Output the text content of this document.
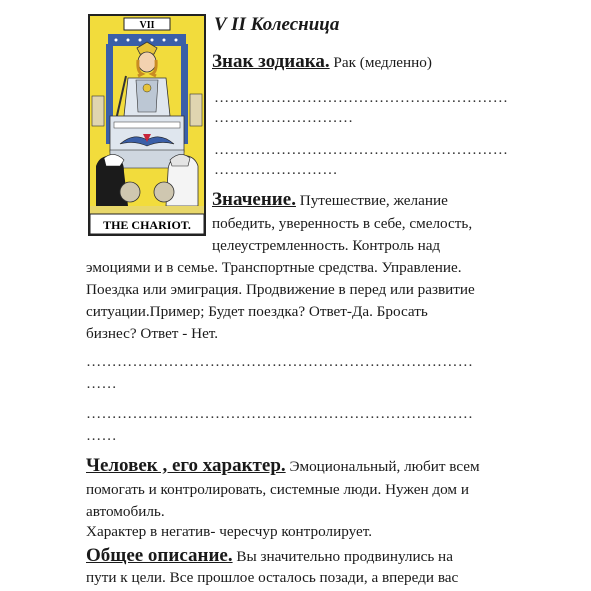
VII
THE CHARIOT.
V II Колесница
Знак зодиака. Рак (медленно)
…………………………………………………
………………………
…………………………………………………
……………………
Значение. Путешествие, желание
победить, уверенность в себе, смелость,
целеустремленность. Контроль над
эмоциями и в семье. Транспортные средства. Управление.
Поездка или эмиграция. Продвижение в перед или развитие
ситуации.Пример; Будет поездка? Ответ-Да. Бросать
бизнес? Ответ - Нет.
…………………………………………………………………
……
…………………………………………………………………
……
Человек , его характер. Эмоциональный, любит всем
помогать и контролировать, системные люди. Нужен дом и
автомобиль.
Характер в негатив- чересчур контролирует.
Общее описание. Вы значительно продвинулись на
пути к цели. Все прошлое осталось позади, а впереди вас
